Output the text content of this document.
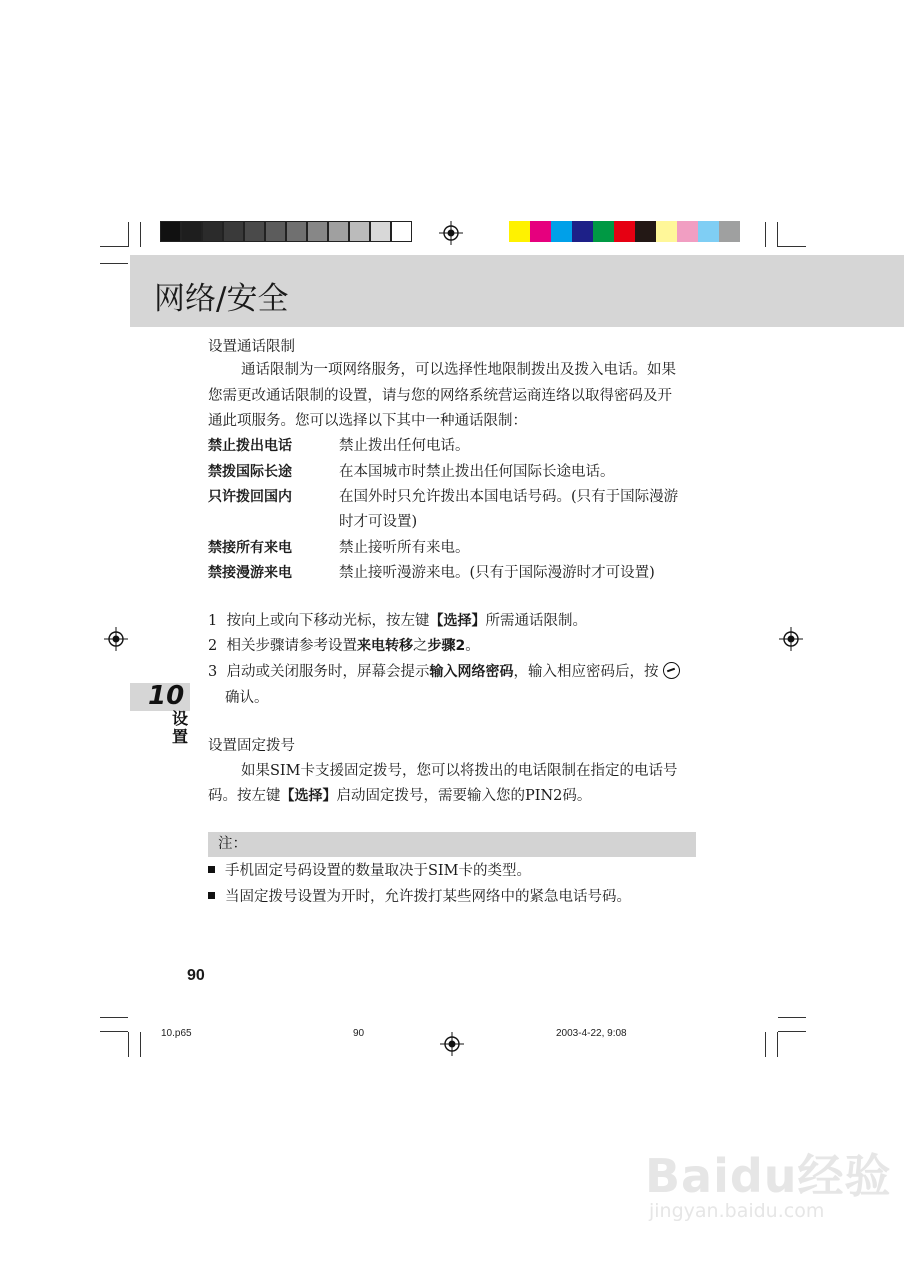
网络/安全
10
设置
设置通话限制
通话限制为一项网络服务，可以选择性地限制拨出及拨入电话。如果
您需更改通话限制的设置，请与您的网络系统营运商连络以取得密码及开
通此项服务。您可以选择以下其中一种通话限制：
禁止拨出电话	禁止拨出任何电话。
禁拨国际长途	在本国城市时禁止拨出任何国际长途电话。
只许拨回国内	在国外时只允许拨出本国电话号码。(只有于国际漫游
时才可设置)
禁接所有来电	禁止接听所有来电。
禁接漫游来电	禁止接听漫游来电。(只有于国际漫游时才可设置)
1 按向上或向下移动光标，按左键【选择】所需通话限制。
2 相关步骤请参考设置来电转移之步骤2。
3 启动或关闭服务时，屏幕会提示输入网络密码，输入相应密码后，按
确认。
设置固定拨号
如果SIM卡支援固定拨号，您可以将拨出的电话限制在指定的电话号
码。按左键【选择】启动固定拨号，需要输入您的PIN2码。
注：
手机固定号码设置的数量取决于SIM卡的类型。
当固定拨号设置为开时，允许拨打某些网络中的紧急电话号码。
90
10.p65	90	2003-4-22, 9:08
Baidu经验
jingyan.baidu.com
